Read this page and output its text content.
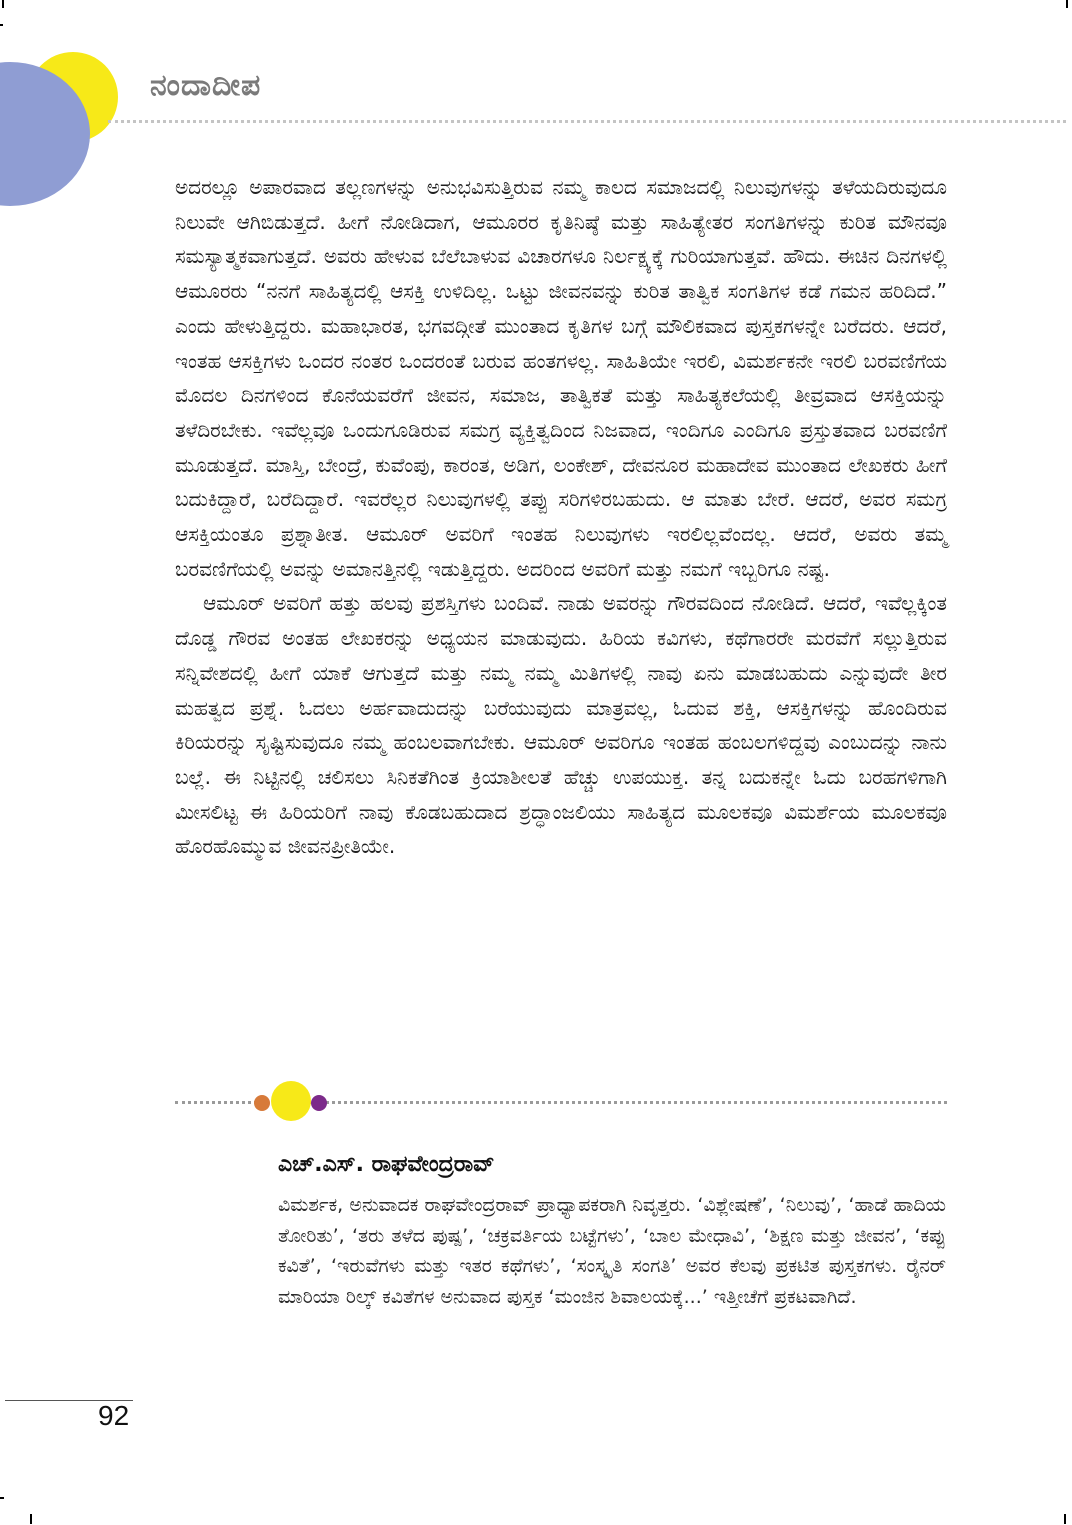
ನಂದಾದೀಪ

ಅದರಲ್ಲೂ ಅಪಾರವಾದ ತಲ್ಲಣಗಳನ್ನು ಅನುಭವಿಸುತ್ತಿರುವ ನಮ್ಮ ಕಾಲದ ಸಮಾಜದಲ್ಲಿ ನಿಲುವುಗಳನ್ನು ತಳೆಯದಿರುವುದೂ ನಿಲುವೇ ಆಗಿಬಿಡುತ್ತದೆ. ಹೀಗೆ ನೋಡಿದಾಗ, ಆಮೂರರ ಕೃತಿನಿಷ್ಠೆ ಮತ್ತು ಸಾಹಿತ್ಯೇತರ ಸಂಗತಿಗಳನ್ನು ಕುರಿತ ಮೌನವೂ ಸಮಸ್ಯಾತ್ಮಕವಾಗುತ್ತದೆ. ಅವರು ಹೇಳುವ ಬೆಲೆಬಾಳುವ ವಿಚಾರಗಳೂ ನಿರ್ಲಕ್ಷ್ಯಕ್ಕೆ ಗುರಿಯಾಗುತ್ತವೆ. ಹೌದು. ಈಚಿನ ದಿನಗಳಲ್ಲಿ ಆಮೂರರು “ನನಗೆ ಸಾಹಿತ್ಯದಲ್ಲಿ ಆಸಕ್ತಿ ಉಳಿದಿಲ್ಲ. ಒಟ್ಟು ಜೀವನವನ್ನು ಕುರಿತ ತಾತ್ವಿಕ ಸಂಗತಿಗಳ ಕಡೆ ಗಮನ ಹರಿದಿದೆ.” ಎಂದು ಹೇಳುತ್ತಿದ್ದರು. ಮಹಾಭಾರತ, ಭಗವದ್ಗೀತೆ ಮುಂತಾದ ಕೃತಿಗಳ ಬಗ್ಗೆ ಮೌಲಿಕವಾದ ಪುಸ್ತಕಗಳನ್ನೇ ಬರೆದರು. ಆದರೆ, ಇಂತಹ ಆಸಕ್ತಿಗಳು ಒಂದರ ನಂತರ ಒಂದರಂತೆ ಬರುವ ಹಂತಗಳಲ್ಲ. ಸಾಹಿತಿಯೇ ಇರಲಿ, ವಿಮರ್ಶಕನೇ ಇರಲಿ ಬರವಣಿಗೆಯ ಮೊದಲ ದಿನಗಳಿಂದ ಕೊನೆಯವರೆಗೆ ಜೀವನ, ಸಮಾಜ, ತಾತ್ವಿಕತೆ ಮತ್ತು ಸಾಹಿತ್ಯಕಲೆಯಲ್ಲಿ ತೀವ್ರವಾದ ಆಸಕ್ತಿಯನ್ನು ತಳೆದಿರಬೇಕು. ಇವೆಲ್ಲವೂ ಒಂದುಗೂಡಿರುವ ಸಮಗ್ರ ವ್ಯಕ್ತಿತ್ವದಿಂದ ನಿಜವಾದ, ಇಂದಿಗೂ ಎಂದಿಗೂ ಪ್ರಸ್ತುತವಾದ ಬರವಣಿಗೆ ಮೂಡುತ್ತದೆ. ಮಾಸ್ತಿ, ಬೇಂದ್ರೆ, ಕುವೆಂಪು, ಕಾರಂತ, ಅಡಿಗ, ಲಂಕೇಶ್, ದೇವನೂರ ಮಹಾದೇವ ಮುಂತಾದ ಲೇಖಕರು ಹೀಗೆ ಬದುಕಿದ್ದಾರೆ, ಬರೆದಿದ್ದಾರೆ. ಇವರೆಲ್ಲರ ನಿಲುವುಗಳಲ್ಲಿ ತಪ್ಪು ಸರಿಗಳಿರಬಹುದು. ಆ ಮಾತು ಬೇರೆ. ಆದರೆ, ಅವರ ಸಮಗ್ರ ಆಸಕ್ತಿಯಂತೂ ಪ್ರಶ್ನಾತೀತ. ಆಮೂರ್ ಅವರಿಗೆ ಇಂತಹ ನಿಲುವುಗಳು ಇರಲಿಲ್ಲವೆಂದಲ್ಲ. ಆದರೆ, ಅವರು ತಮ್ಮ ಬರವಣಿಗೆಯಲ್ಲಿ ಅವನ್ನು ಅಮಾನತ್ತಿನಲ್ಲಿ ಇಡುತ್ತಿದ್ದರು. ಅದರಿಂದ ಅವರಿಗೆ ಮತ್ತು ನಮಗೆ ಇಬ್ಬರಿಗೂ ನಷ್ಟ.

ಆಮೂರ್ ಅವರಿಗೆ ಹತ್ತು ಹಲವು ಪ್ರಶಸ್ತಿಗಳು ಬಂದಿವೆ. ನಾಡು ಅವರನ್ನು ಗೌರವದಿಂದ ನೋಡಿದೆ. ಆದರೆ, ಇವೆಲ್ಲಕ್ಕಿಂತ ದೊಡ್ಡ ಗೌರವ ಅಂತಹ ಲೇಖಕರನ್ನು ಅಧ್ಯಯನ ಮಾಡುವುದು. ಹಿರಿಯ ಕವಿಗಳು, ಕಥೆಗಾರರೇ ಮರವೆಗೆ ಸಲ್ಲುತ್ತಿರುವ ಸನ್ನಿವೇಶದಲ್ಲಿ ಹೀಗೆ ಯಾಕೆ ಆಗುತ್ತದೆ ಮತ್ತು ನಮ್ಮ ನಮ್ಮ ಮಿತಿಗಳಲ್ಲಿ ನಾವು ಏನು ಮಾಡಬಹುದು ಎನ್ನುವುದೇ ತೀರ ಮಹತ್ವದ ಪ್ರಶ್ನೆ. ಓದಲು ಅರ್ಹವಾದುದನ್ನು ಬರೆಯುವುದು ಮಾತ್ರವಲ್ಲ, ಓದುವ ಶಕ್ತಿ, ಆಸಕ್ತಿಗಳನ್ನು ಹೊಂದಿರುವ ಕಿರಿಯರನ್ನು ಸೃಷ್ಟಿಸುವುದೂ ನಮ್ಮ ಹಂಬಲವಾಗಬೇಕು. ಆಮೂರ್ ಅವರಿಗೂ ಇಂತಹ ಹಂಬಲಗಳಿದ್ದವು ಎಂಬುದನ್ನು ನಾನು ಬಲ್ಲೆ. ಈ ನಿಟ್ಟಿನಲ್ಲಿ ಚಲಿಸಲು ಸಿನಿಕತೆಗಿಂತ ಕ್ರಿಯಾಶೀಲತೆ ಹೆಚ್ಚು ಉಪಯುಕ್ತ. ತನ್ನ ಬದುಕನ್ನೇ ಓದು ಬರಹಗಳಿಗಾಗಿ ಮೀಸಲಿಟ್ಟ ಈ ಹಿರಿಯರಿಗೆ ನಾವು ಕೊಡಬಹುದಾದ ಶ್ರದ್ಧಾಂಜಲಿಯು ಸಾಹಿತ್ಯದ ಮೂಲಕವೂ ವಿಮರ್ಶೆಯ ಮೂಲಕವೂ ಹೊರಹೊಮ್ಮುವ ಜೀವನಪ್ರೀತಿಯೇ.

ಎಚ್.ಎಸ್. ರಾಘವೇಂದ್ರರಾವ್

ವಿಮರ್ಶಕ, ಅನುವಾದಕ ರಾಘವೇಂದ್ರರಾವ್ ಪ್ರಾಧ್ಯಾಪಕರಾಗಿ ನಿವೃತ್ತರು. ‘ವಿಶ್ಲೇಷಣೆ’, ‘ನಿಲುವು’, ‘ಹಾಡೆ ಹಾದಿಯ ತೋರಿತು’, ‘ತರು ತಳೆದ ಪುಷ್ಪ’, ‘ಚಕ್ರವರ್ತಿಯ ಬಟ್ಟೆಗಳು’, ‘ಬಾಲ ಮೇಧಾವಿ’, ‘ಶಿಕ್ಷಣ ಮತ್ತು ಜೀವನ’, ‘ಕಪ್ಪು ಕವಿತೆ’, ‘ಇರುವೆಗಳು ಮತ್ತು ಇತರ ಕಥೆಗಳು’, ‘ಸಂಸ್ಕೃತಿ ಸಂಗತಿ’ ಅವರ ಕೆಲವು ಪ್ರಕಟಿತ ಪುಸ್ತಕಗಳು. ರೈನರ್ ಮಾರಿಯಾ ರಿಲ್ಕ್ ಕವಿತೆಗಳ ಅನುವಾದ ಪುಸ್ತಕ ‘ಮಂಜಿನ ಶಿವಾಲಯಕ್ಕೆ...’ ಇತ್ತೀಚೆಗೆ ಪ್ರಕಟವಾಗಿದೆ.

92
